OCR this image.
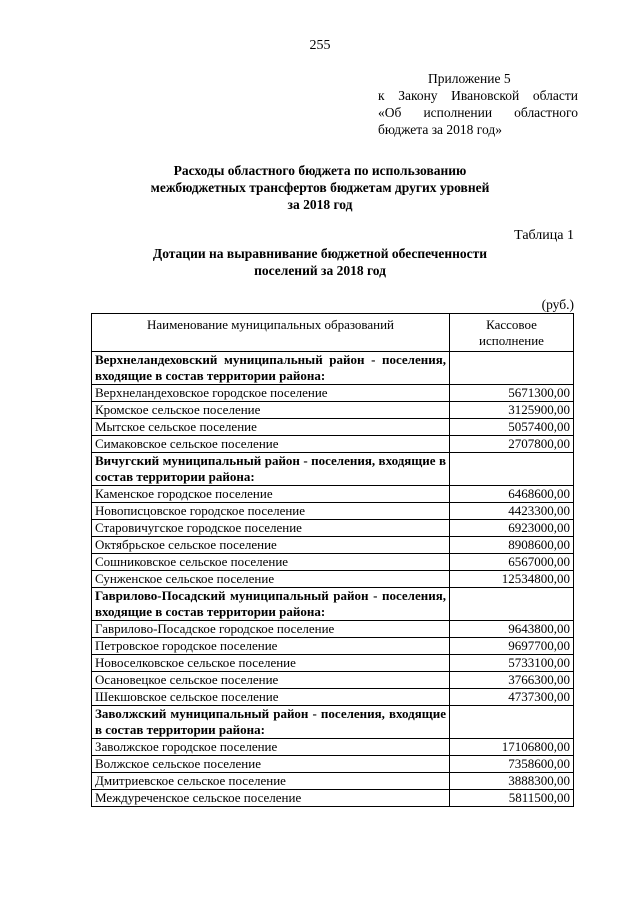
255
Приложение 5
к Закону Ивановской области
«Об исполнении областного
бюджета за 2018 год»
Расходы областного бюджета по использованию
межбюджетных трансфертов бюджетам других уровней
за 2018 год
Таблица 1
Дотации на выравнивание бюджетной обеспеченности
поселений за 2018 год
(руб.)
Наименование муниципальных образований	Кассовое
исполнение

Верхнеландеховский муниципальный район - поселения, входящие в состав территории района:	
Верхнеландеховское городское поселение	5671300,00
Кромское сельское поселение	3125900,00
Мытское сельское поселение	5057400,00
Симаковское сельское поселение	2707800,00
Вичугский муниципальный район - поселения, входящие в состав территории района:	
Каменское городское поселение	6468600,00
Новописцовское городское поселение	4423300,00
Старовичугское городское поселение	6923000,00
Октябрьское сельское поселение	8908600,00
Сошниковское сельское поселение	6567000,00
Сунженское сельское поселение	12534800,00
Гаврилово-Посадский муниципальный район - поселения, входящие в состав территории района:	
Гаврилово-Посадское городское поселение	9643800,00
Петровское городское поселение	9697700,00
Новоселковское сельское поселение	5733100,00
Осановецкое сельское поселение	3766300,00
Шекшовское сельское поселение	4737300,00
Заволжский муниципальный район - поселения, входящие в состав территории района:	
Заволжское городское поселение	17106800,00
Волжское сельское поселение	7358600,00
Дмитриевское сельское поселение	3888300,00
Междуреченское сельское поселение	5811500,00
